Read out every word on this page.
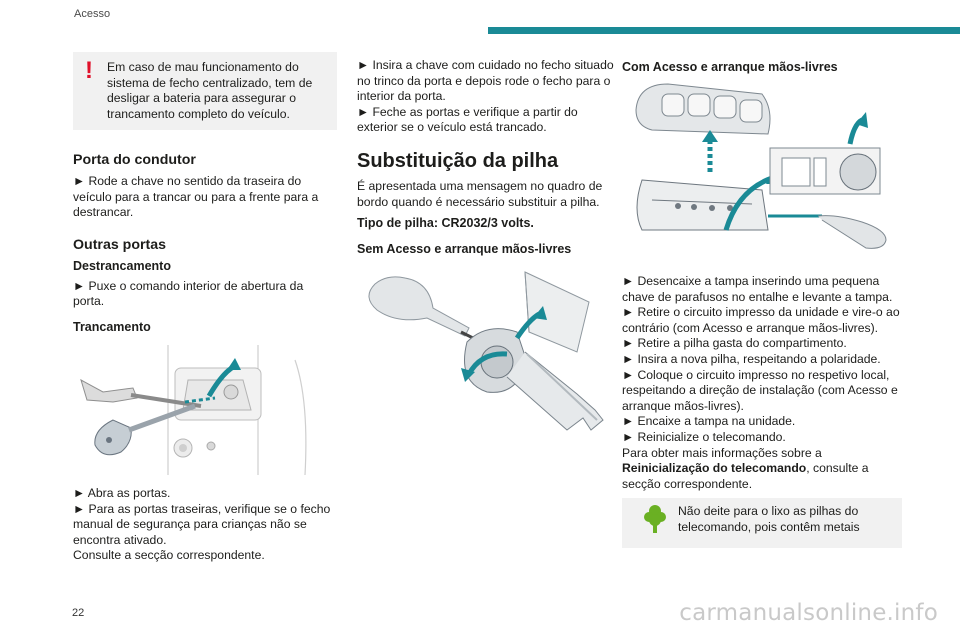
Acesso
!	Em caso de mau funcionamento do sistema de fecho centralizado, tem de desligar a bateria para assegurar o trancamento completo do veículo.

Porta do condutor

► Rode a chave no sentido da traseira do veículo para a trancar ou para a frente para a destrancar.

Outras portas
Destrancamento

► Puxe o comando interior de abertura da porta.

Trancamento

► Abra as portas.

► Para as portas traseiras, verifique se o fecho manual de segurança para crianças não se encontra ativado.

Consulte a secção correspondente.

► Insira a chave com cuidado no fecho situado no trinco da porta e depois rode o fecho para o interior da porta.

► Feche as portas e verifique a partir do exterior se o veículo está trancado.

Substituição da pilha

É apresentada uma mensagem no quadro de bordo quando é necessário substituir a pilha.

Tipo de pilha: CR2032/3 volts.
Sem Acesso e arranque mãos-livres
Com Acesso e arranque mãos-livres

► Desencaixe a tampa inserindo uma pequena chave de parafusos no entalhe e levante a tampa.

► Retire o circuito impresso da unidade e vire-o ao contrário (com Acesso e arranque mãos-livres).

► Retire a pilha gasta do compartimento.

► Insira a nova pilha, respeitando a polaridade.

► Coloque o circuito impresso no respetivo local, respeitando a direção de instalação (com Acesso e arranque mãos-livres).

► Encaixe a tampa na unidade.

► Reinicialize o telecomando.

Para obter mais informações sobre a Reinicialização do telecomando, consulte a secção correspondente.

Não deite para o lixo as pilhas do telecomando, pois contêm metais

22	carmanualsonline.info
